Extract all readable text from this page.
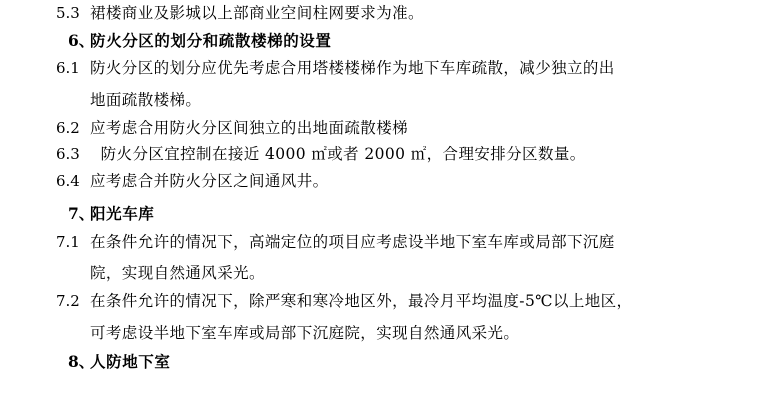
5.3 裙楼商业及影城以上部商业空间柱网要求为准。
6、
防火分区的划分和疏散楼梯的设置
6.1 防火分区的划分应优先考虑合用塔楼楼梯作为地下车库疏散，减少独立的出
地面疏散楼梯。
6.2 应考虑合用防火分区间独立的出地面疏散楼梯
6.3 防火分区宜控制在接近 4000 ㎡或者 2000 ㎡，合理安排分区数量。
6.4 应考虑合并防火分区之间通风井。
7、
阳光车库
7.1 在条件允许的情况下，高端定位的项目应考虑设半地下室车库或局部下沉庭
院，实现自然通风采光。
7.2 在条件允许的情况下，除严寒和寒冷地区外，最冷月平均温度-5℃以上地区，
可考虑设半地下室车库或局部下沉庭院，实现自然通风采光。
8、
人防地下室
